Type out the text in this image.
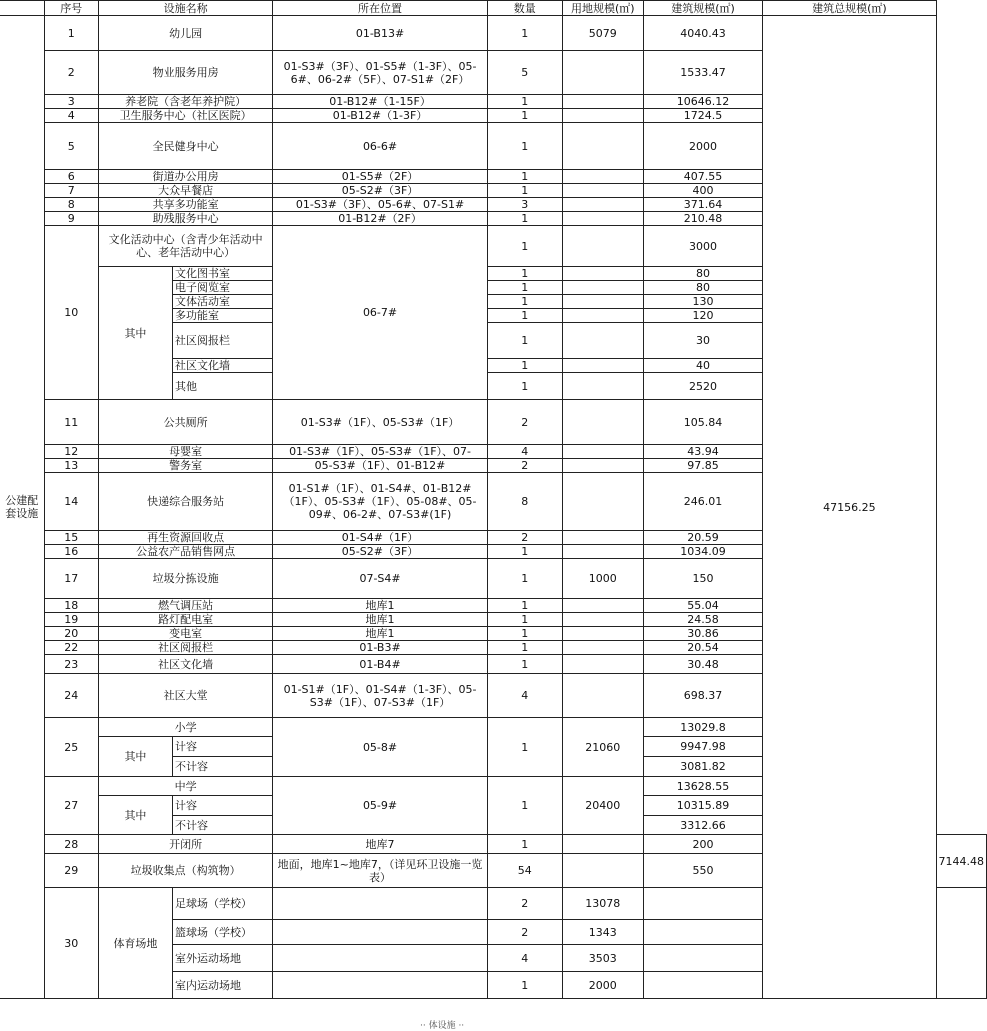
	序号	设施名称		所在位置	数量	用地规模(㎡)	建筑规模(㎡)	建筑总规模(㎡)	
公建配套设施	1	幼儿园		01-B13#	1	5079	4040.43	47156.25	
	2	物业服务用房		01-S3#（3F）、01-S5#（1-3F）、05-6#、06-2#（5F）、07-S1#（2F）	5		1533.47		
	3	养老院（含老年养护院）		01-B12#（1-15F）	1		10646.12		
	4	卫生服务中心（社区医院）		01-B12#（1-3F）	1		1724.5		
	5	全民健身中心		06-6#	1		2000		
	6	街道办公用房		01-S5#（2F）	1		407.55		
	7	大众早餐店		05-S2#（3F）	1		400		
	8	共享多功能室		01-S3#（3F）、05-6#、07-S1#	3		371.64		
	9	助残服务中心		01-B12#（2F）	1		210.48		
	10	文化活动中心（含青少年活动中心、老年活动中心）		06-7#	1		3000		
		其中	文化图书室		1		80		
			电子阅览室		1		80		
			文体活动室		1		130		
			多功能室		1		120		
			社区阅报栏		1		30		
			社区文化墙		1		40		
			其他		1		2520		
	11	公共厕所		01-S3#（1F）、05-S3#（1F）	2		105.84		
	12	母婴室		01-S3#（1F）、05-S3#（1F）、07-	4		43.94		
	13	警务室		05-S3#（1F）、01-B12#	2		97.85		
	14	快递综合服务站		01-S1#（1F）、01-S4#、01-B12#（1F）、05-S3#（1F）、05-08#、05-09#、06-2#、07-S3#(1F)	8		246.01		
	15	再生资源回收点		01-S4#（1F）	2		20.59		
	16	公益农产品销售网点		05-S2#（3F）	1		1034.09		
	17	垃圾分拣设施		07-S4#	1	1000	150		
	18	燃气调压站		地库1	1		55.04		
	19	路灯配电室		地库1	1		24.58		
	20	变电室		地库1	1		30.86		
	22	社区阅报栏		01-B3#	1		20.54		
	23	社区文化墙		01-B4#	1		30.48		
	24	社区大堂		01-S1#（1F）、01-S4#（1-3F）、05-S3#（1F）、07-S3#（1F）	4		698.37		
	25	小学		05-8#	1	21060	13029.8		
		其中	计容				9947.98		
			不计容				3081.82		
	27	中学		05-9#	1	20400	13628.55		
		其中	计容				10315.89		
			不计容				3312.66		
	28	开闭所		地库7	1		200		7144.48
	29	垃圾收集点（构筑物）		地面，地库1~地库7，（详见环卫设施一览表）	54		550		
	30	体育场地	足球场（学校）		2	13078			
			篮球场（学校）		2	1343			
			室外运动场地		4	3503			
			室内运动场地		1	2000			
·· 体设施 ··
